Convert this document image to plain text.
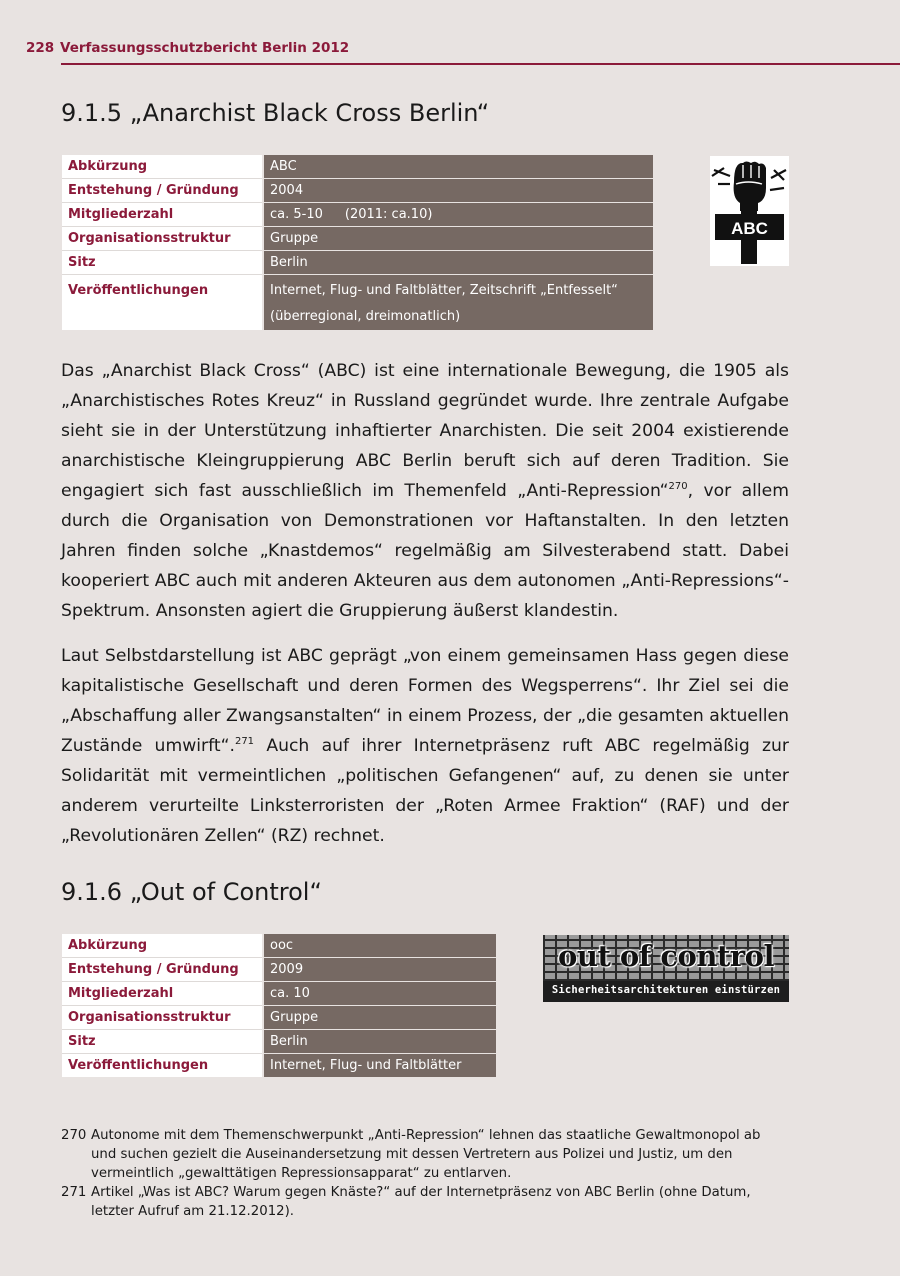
228 Verfassungsschutzbericht Berlin 2012
9.1.5 „Anarchist Black Cross Berlin“
Abkürzung	ABC
Entstehung / Gründung	2004
Mitgliederzahl	ca. 5-10 (2011: ca.10)
Organisationsstruktur	Gruppe
Sitz	Berlin
Veröffentlichungen	Internet, Flug- und Faltblätter, Zeitschrift „Entfesselt“
(überregional, dreimonatlich)
ABC

Das „Anarchist Black Cross“ (ABC) ist eine internationale Bewegung, die 1905 als „Anarchistisches Rotes Kreuz“ in Russland gegründet wurde. Ihre zentrale Aufgabe sieht sie in der Unterstützung inhaftierter Anarchisten. Die seit 2004 existierende anarchistische Kleingruppierung ABC Berlin beruft sich auf deren Tradition. Sie engagiert sich fast ausschließlich im Themenfeld „Anti-Repression“$^{270}$, vor allem durch die Organisation von Demonstrationen vor Haftanstalten. In den letzten Jahren finden solche „Knastdemos“ regelmäßig am Silvesterabend statt. Dabei kooperiert ABC auch mit anderen Akteuren aus dem autonomen „Anti-Repressions“-Spektrum. Ansonsten agiert die Gruppierung äußerst klandestin.

Laut Selbstdarstellung ist ABC geprägt „von einem gemeinsamen Hass gegen diese kapitalistische Gesellschaft und deren Formen des Wegsperrens“. Ihr Ziel sei die „Abschaffung aller Zwangsanstalten“ in einem Prozess, der „die gesamten aktuellen Zustände umwirft“.$^{271}$ Auch auf ihrer Internetpräsenz ruft ABC regelmäßig zur Solidarität mit vermeintlichen „politischen Gefangenen“ auf, zu denen sie unter anderem verurteilte Linksterroristen der „Roten Armee Fraktion“ (RAF) und der „Revolutionären Zellen“ (RZ) rechnet.

9.1.6 „Out of Control“
Abkürzung	ooc
Entstehung / Gründung	2009
Mitgliederzahl	ca. 10
Organisationsstruktur	Gruppe
Sitz	Berlin
Veröffentlichungen	Internet, Flug- und Faltblätter
out of control
Sicherheitsarchitekturen einstürzen
270 Autonome mit dem Themenschwerpunkt „Anti-Repression“ lehnen das staatliche Gewaltmonopol ab und suchen gezielt die Auseinandersetzung mit dessen Vertretern aus Polizei und Justiz, um den vermeintlich „gewalttätigen Repressionsapparat“ zu entlarven.
271 Artikel „Was ist ABC? Warum gegen Knäste?“ auf der Internetpräsenz von ABC Berlin (ohne Datum, letzter Aufruf am 21.12.2012).
